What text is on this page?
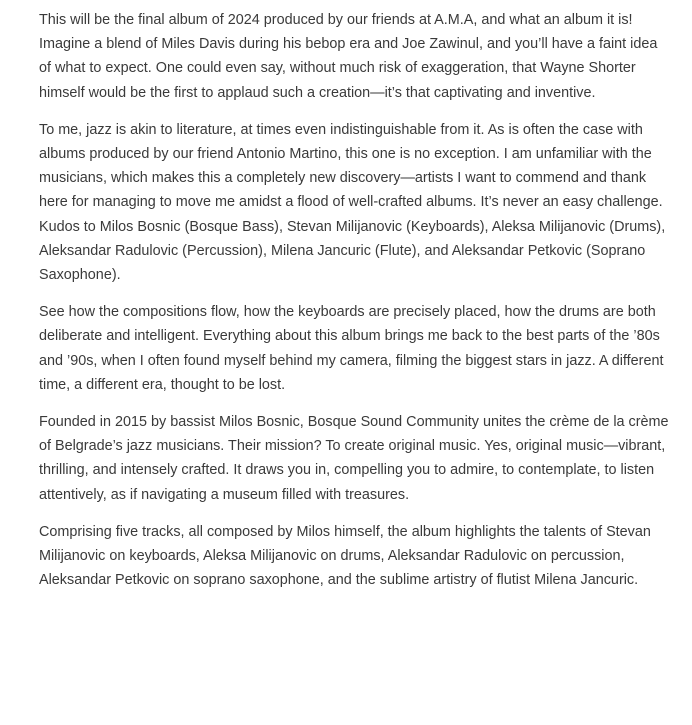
This will be the final album of 2024 produced by our friends at A.M.A, and what an album it is!

Imagine a blend of Miles Davis during his bebop era and Joe Zawinul, and you’ll have a faint idea of what to expect. One could even say, without much risk of exaggeration, that Wayne Shorter himself would be the first to applaud such a creation—it’s that captivating and inventive.

To me, jazz is akin to literature, at times even indistinguishable from it. As is often the case with albums produced by our friend Antonio Martino, this one is no exception. I am unfamiliar with the musicians, which makes this a completely new discovery—artists I want to commend and thank here for managing to move me amidst a flood of well-crafted albums. It’s never an easy challenge. Kudos to Milos Bosnic (Bosque Bass), Stevan Milijanovic (Keyboards), Aleksa Milijanovic (Drums), Aleksandar Radulovic (Percussion), Milena Jancuric (Flute), and Aleksandar Petkovic (Soprano Saxophone).

See how the compositions flow, how the keyboards are precisely placed, how the drums are both deliberate and intelligent. Everything about this album brings me back to the best parts of the ’80s and ’90s, when I often found myself behind my camera, filming the biggest stars in jazz. A different time, a different era, thought to be lost.

Founded in 2015 by bassist Milos Bosnic, Bosque Sound Community unites the crème de la crème of Belgrade’s jazz musicians. Their mission? To create original music. Yes, original music—vibrant, thrilling, and intensely crafted. It draws you in, compelling you to admire, to contemplate, to listen attentively, as if navigating a museum filled with treasures.

Comprising five tracks, all composed by Milos himself, the album highlights the talents of Stevan Milijanovic on keyboards, Aleksa Milijanovic on drums, Aleksandar Radulovic on percussion, Aleksandar Petkovic on soprano saxophone, and the sublime artistry of flutist Milena Jancuric.
